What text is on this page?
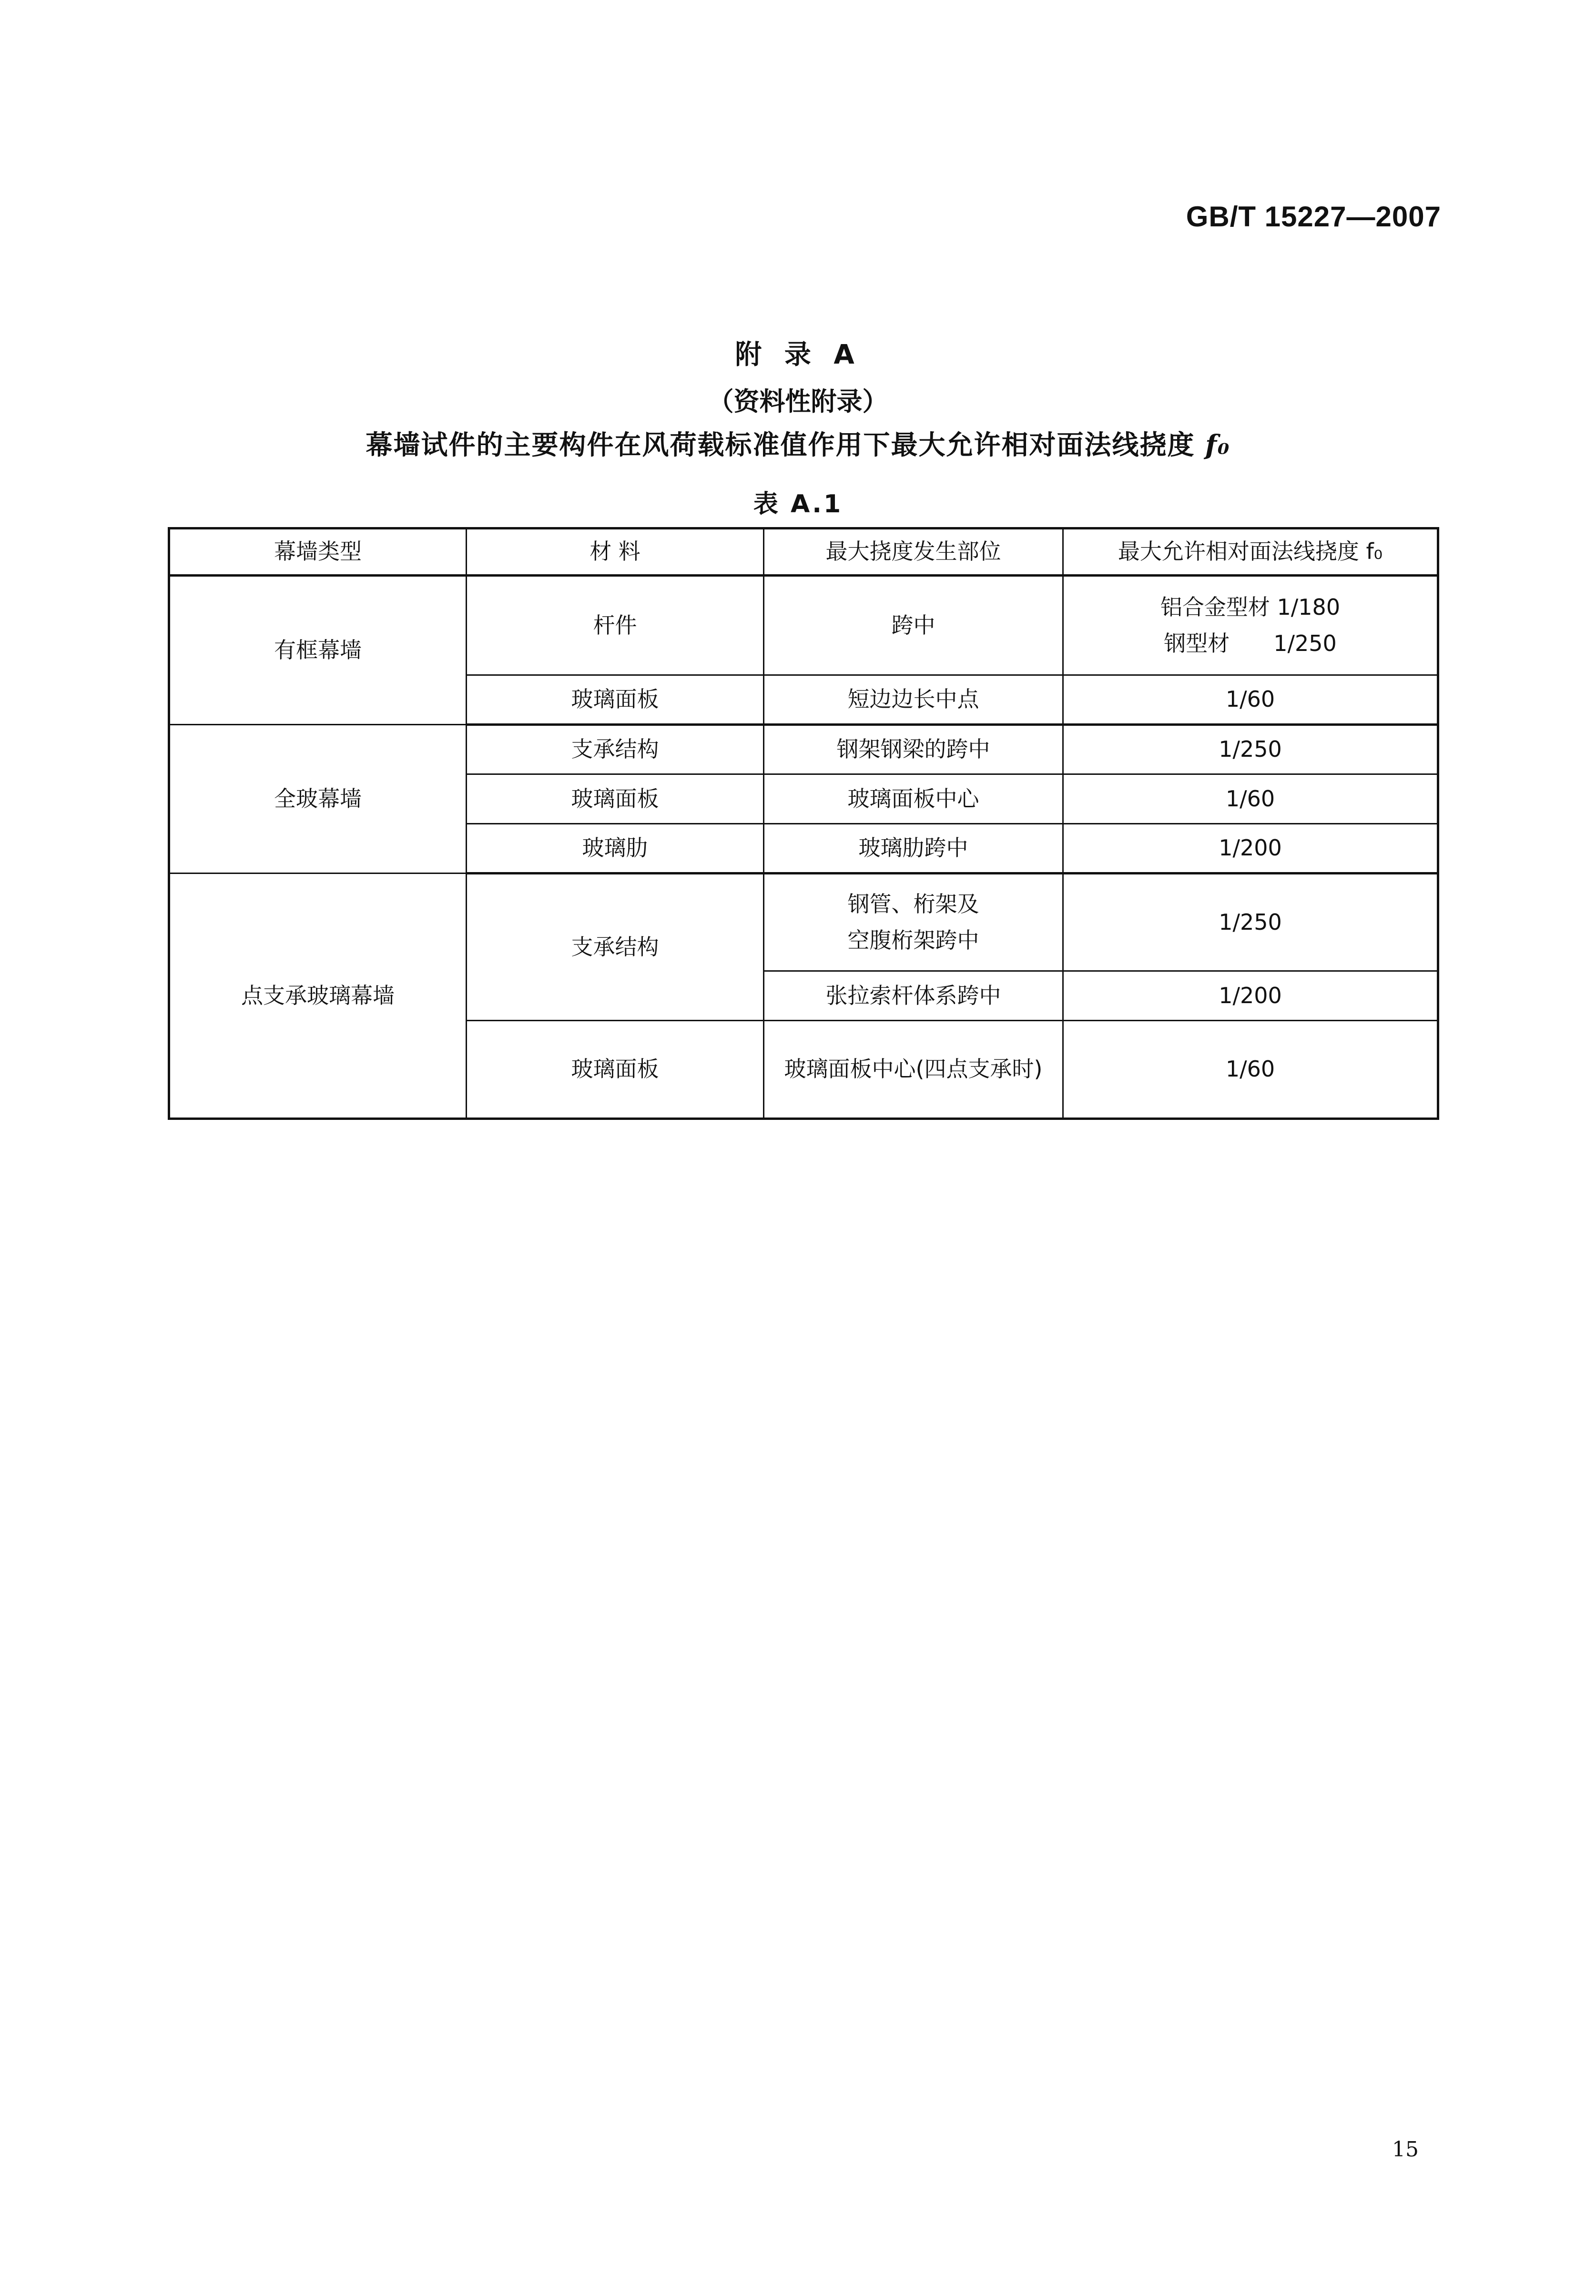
GB/T 15227—2007
附 录 A
（资料性附录）
幕墙试件的主要构件在风荷载标准值作用下最大允许相对面法线挠度 f₀
表 A.1
幕墙类型	材 料	最大挠度发生部位	最大允许相对面法线挠度 f₀
有框幕墙	杆件	跨中	铝合金型材 1/180
钢型材　　1/250

	玻璃面板	短边边长中点	1/60
全玻幕墙	支承结构	钢架钢梁的跨中	1/250
	玻璃面板	玻璃面板中心	1/60
	玻璃肋	玻璃肋跨中	1/200
点支承玻璃幕墙	支承结构	钢管、桁架及
空腹桁架跨中	1/250
		张拉索杆体系跨中	1/200
	玻璃面板	玻璃面板中心(四点支承时)	1/60
15
